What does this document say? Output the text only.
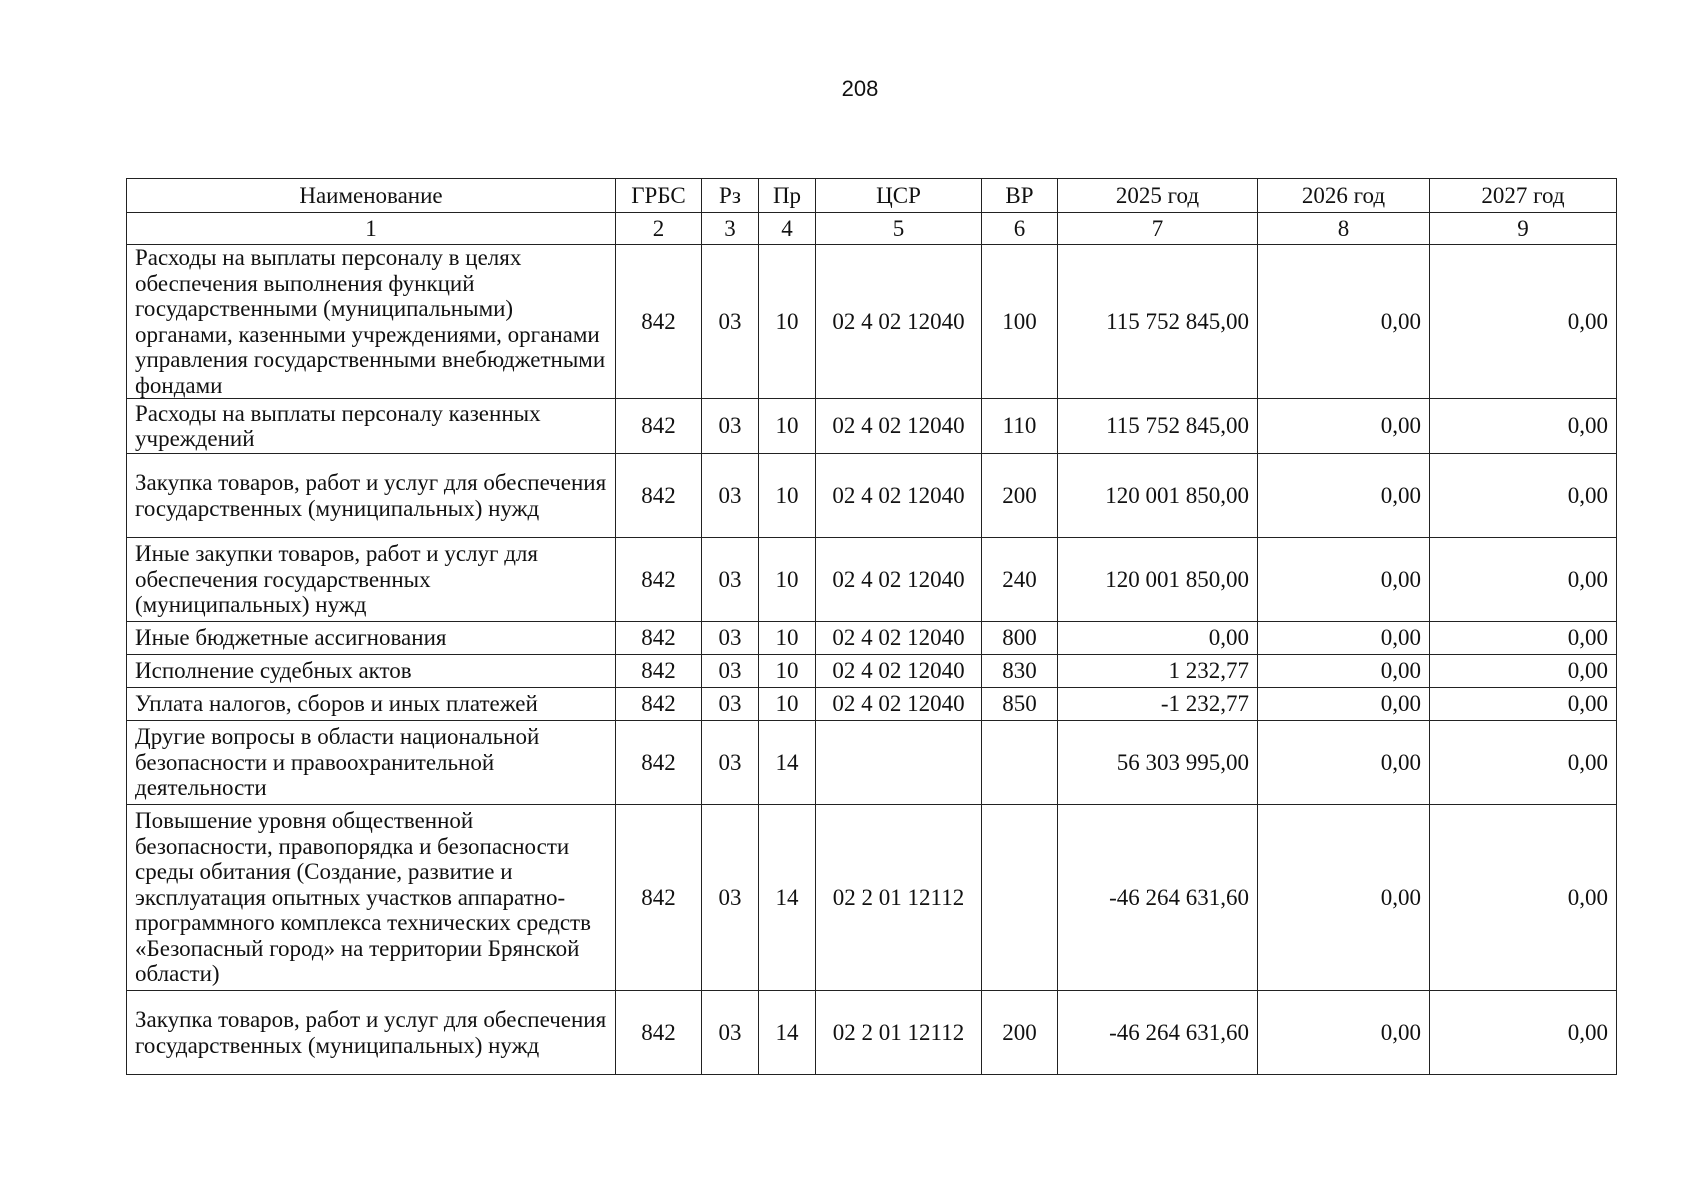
208
Наименование	ГРБС	Рз	Пр	ЦСР	ВР	2025 год	2026 год	2027 год
1	2	3	4	5	6	7	8	9
Расходы на выплаты персоналу в целях обеспечения выполнения функций государственными (муниципальными) органами, казенными учреждениями, органами управления государственными внебюджетными фондами	842	03	10	02 4 02 12040	100	115 752 845,00	0,00	0,00
Расходы на выплаты персоналу казенных учреждений	842	03	10	02 4 02 12040	110	115 752 845,00	0,00	0,00
Закупка товаров, работ и услуг для обеспечения государственных (муниципальных) нужд	842	03	10	02 4 02 12040	200	120 001 850,00	0,00	0,00
Иные закупки товаров, работ и услуг для обеспечения государственных (муниципальных) нужд	842	03	10	02 4 02 12040	240	120 001 850,00	0,00	0,00
Иные бюджетные ассигнования	842	03	10	02 4 02 12040	800	0,00	0,00	0,00
Исполнение судебных актов	842	03	10	02 4 02 12040	830	1 232,77	0,00	0,00
Уплата налогов, сборов и иных платежей	842	03	10	02 4 02 12040	850	-1 232,77	0,00	0,00
Другие вопросы в области национальной безопасности и правоохранительной деятельности	842	03	14			56 303 995,00	0,00	0,00
Повышение уровня общественной безопасности, правопорядка и безопасности среды обитания (Создание, развитие и эксплуатация опытных участков аппаратно-программного комплекса технических средств «Безопасный город» на территории Брянской области)	842	03	14	02 2 01 12112		-46 264 631,60	0,00	0,00
Закупка товаров, работ и услуг для обеспечения государственных (муниципальных) нужд	842	03	14	02 2 01 12112	200	-46 264 631,60	0,00	0,00
